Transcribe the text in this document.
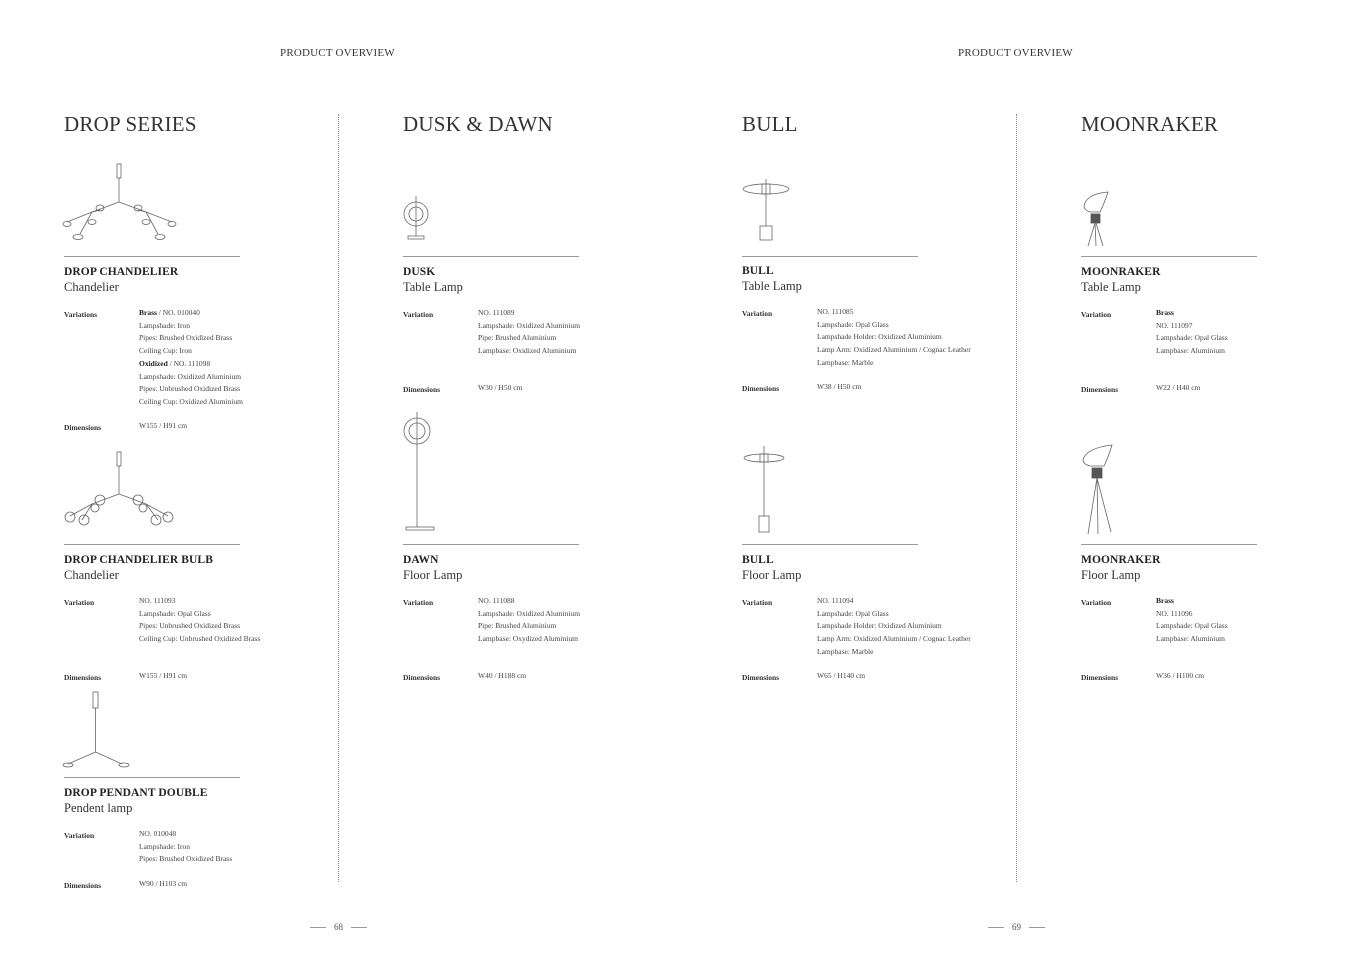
PRODUCT OVERVIEW	PRODUCT OVERVIEW
DROP SERIES	DUSK & DAWN	BULL	MOONRAKER
DROP CHANDELIER
Chandelier
Variations	Brass / NO. 010040
Lampshade: Iron
Pipes: Brushed Oxidized Brass
Ceiling Cup: Iron
Oxidized / NO. 111098
Lampshade: Oxidized Aluminium
Pipes: Unbrushed Oxidized Brass
Ceiling Cup: Oxidized Aluminium
Dimensions	W155 / H91 cm
DROP CHANDELIER BULB
Chandelier
Variation	NO. 111093
Lampshade: Opal Glass
Pipes: Unbrushed Oxidized Brass
Ceiling Cup: Unbrushed Oxidized Brass
Dimensions	W155 / H91 cm
DROP PENDANT DOUBLE
Pendent lamp
Variation	NO. 010048
Lampshade: Iron
Pipes: Brushed Oxidized Brass
Dimensions	W90 / H103 cm
DUSK
Table Lamp
Variation	NO. 111089
Lampshade: Oxidized Aluminium
Pipe: Brushed Aluminium
Lampbase: Oxidized Aluminium
Dimensions	W30 / H50 cm
DAWN
Floor Lamp
Variation	NO. 111088
Lampshade: Oxidized Aluminium
Pipe: Brushed Aluminium
Lampbase: Oxydized Aluminium
Dimensions	W40 / H188 cm
BULL
Table Lamp
Variation	NO. 111085
Lampshade: Opal Glass
Lampshade Holder: Oxidized Aluminium
Lamp Arm: Oxidized Aluminium / Cognac Leather
Lampbase: Marble
Dimensions	W38 / H50 cm
BULL
Floor Lamp
Variation	NO. 111094
Lampshade: Opal Glass
Lampshade Holder: Oxidized Aluminium
Lamp Arm: Oxidized Aluminium / Cognac Leather
Lampbase: Marble
Dimensions	W65 / H140 cm
MOONRAKER
Table Lamp
Variation	Brass
NO. 111097
Lampshade: Opal Glass
Lampbase: Aluminium
Dimensions	W22 / H40 cm
MOONRAKER
Floor Lamp
Variation	Brass
NO. 111096
Lampshade: Opal Glass
Lampbase: Aluminium
Dimensions	W36 / H100 cm
68	69
